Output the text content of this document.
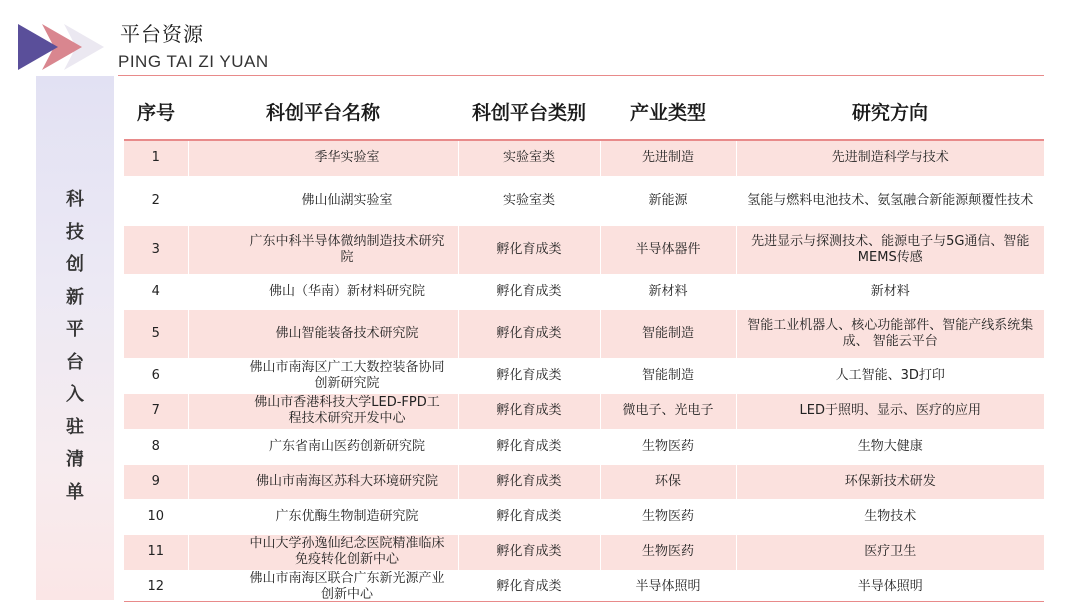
平台资源
PING TAI ZI YUAN
科
技
创
新
平
台
入
驻
清
单
序号	科创平台名称	科创平台类别	产业类型	研究方向
1	季华实验室	实验室类	先进制造	先进制造科学与技术
2	佛山仙湖实验室	实验室类	新能源	氢能与燃料电池技术、氨氢融合新能源颠覆性技术
3	广东中科半导体微纳制造技术研究院	孵化育成类	半导体器件	先进显示与探测技术、能源电子与5G通信、智能MEMS传感
4	佛山（华南）新材料研究院	孵化育成类	新材料	新材料
5	佛山智能装备技术研究院	孵化育成类	智能制造	智能工业机器人、核心功能部件、智能产线系统集成、 智能云平台
6	佛山市南海区广工大数控装备协同创新研究院	孵化育成类	智能制造	人工智能、3D打印
7	佛山市香港科技大学LED-FPD工程技术研究开发中心	孵化育成类	微电子、光电子	LED于照明、显示、医疗的应用
8	广东省南山医药创新研究院	孵化育成类	生物医药	生物大健康
9	佛山市南海区苏科大环境研究院	孵化育成类	环保	环保新技术研发
10	广东优酶生物制造研究院	孵化育成类	生物医药	生物技术
11	中山大学孙逸仙纪念医院精准临床免疫转化创新中心	孵化育成类	生物医药	医疗卫生
12	佛山市南海区联合广东新光源产业创新中心	孵化育成类	半导体照明	半导体照明
